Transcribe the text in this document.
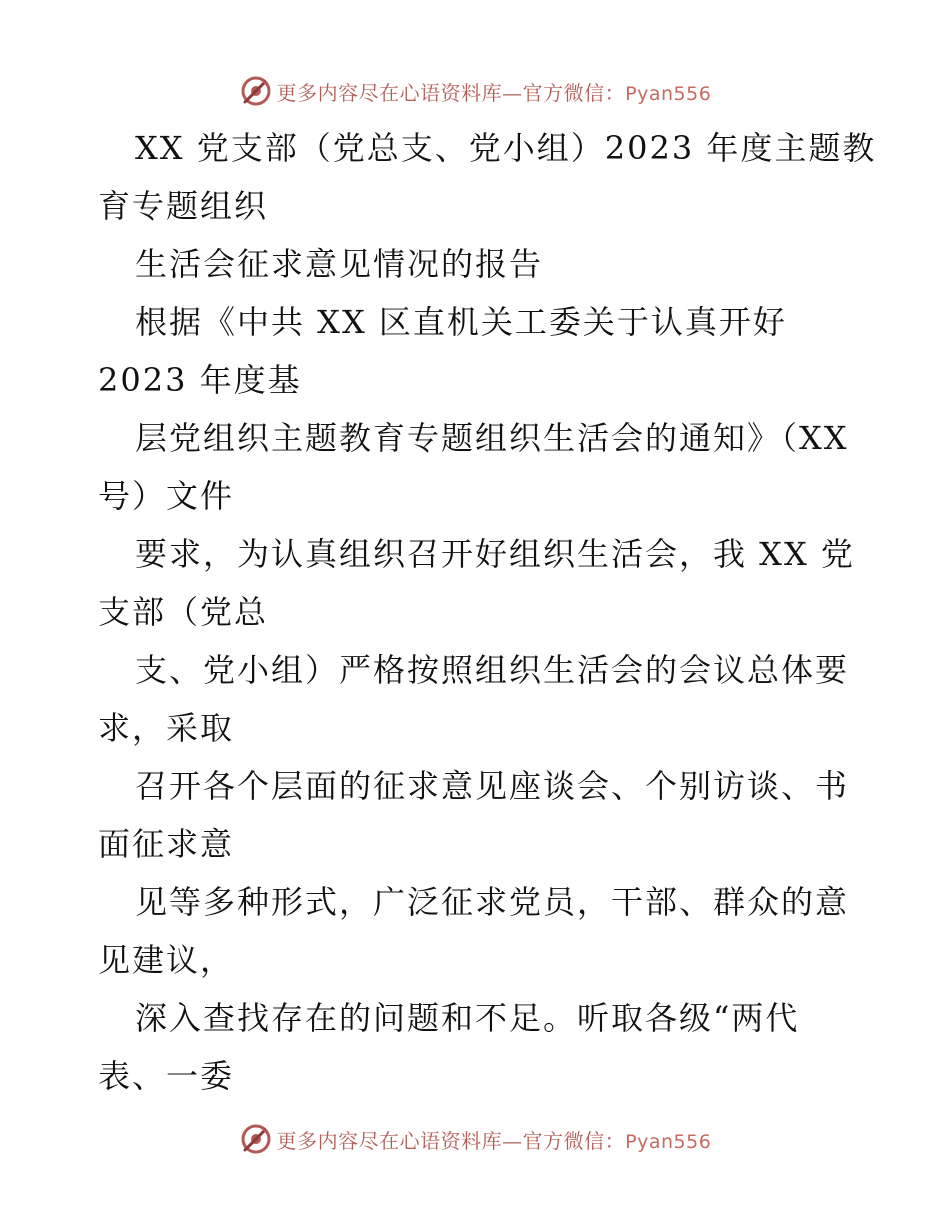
更多内容尽在心语资料库—官方微信：Pyan556
XX 党支部（党总支、党小组）2023 年度主题教
育专题组织
生活会征求意见情况的报告
根据《中共 XX 区直机关工委关于认真开好
2023 年度基
层党组织主题教育专题组织生活会的通知》（XX
号）文件
要求，为认真组织召开好组织生活会，我 XX 党
支部（党总
支、党小组）严格按照组织生活会的会议总体要
求，采取
召开各个层面的征求意见座谈会、个别访谈、书
面征求意
见等多种形式，广泛征求党员，干部、群众的意
见建议，
深入查找存在的问题和不足。听取各级“两代
表、一委
更多内容尽在心语资料库—官方微信：Pyan556
